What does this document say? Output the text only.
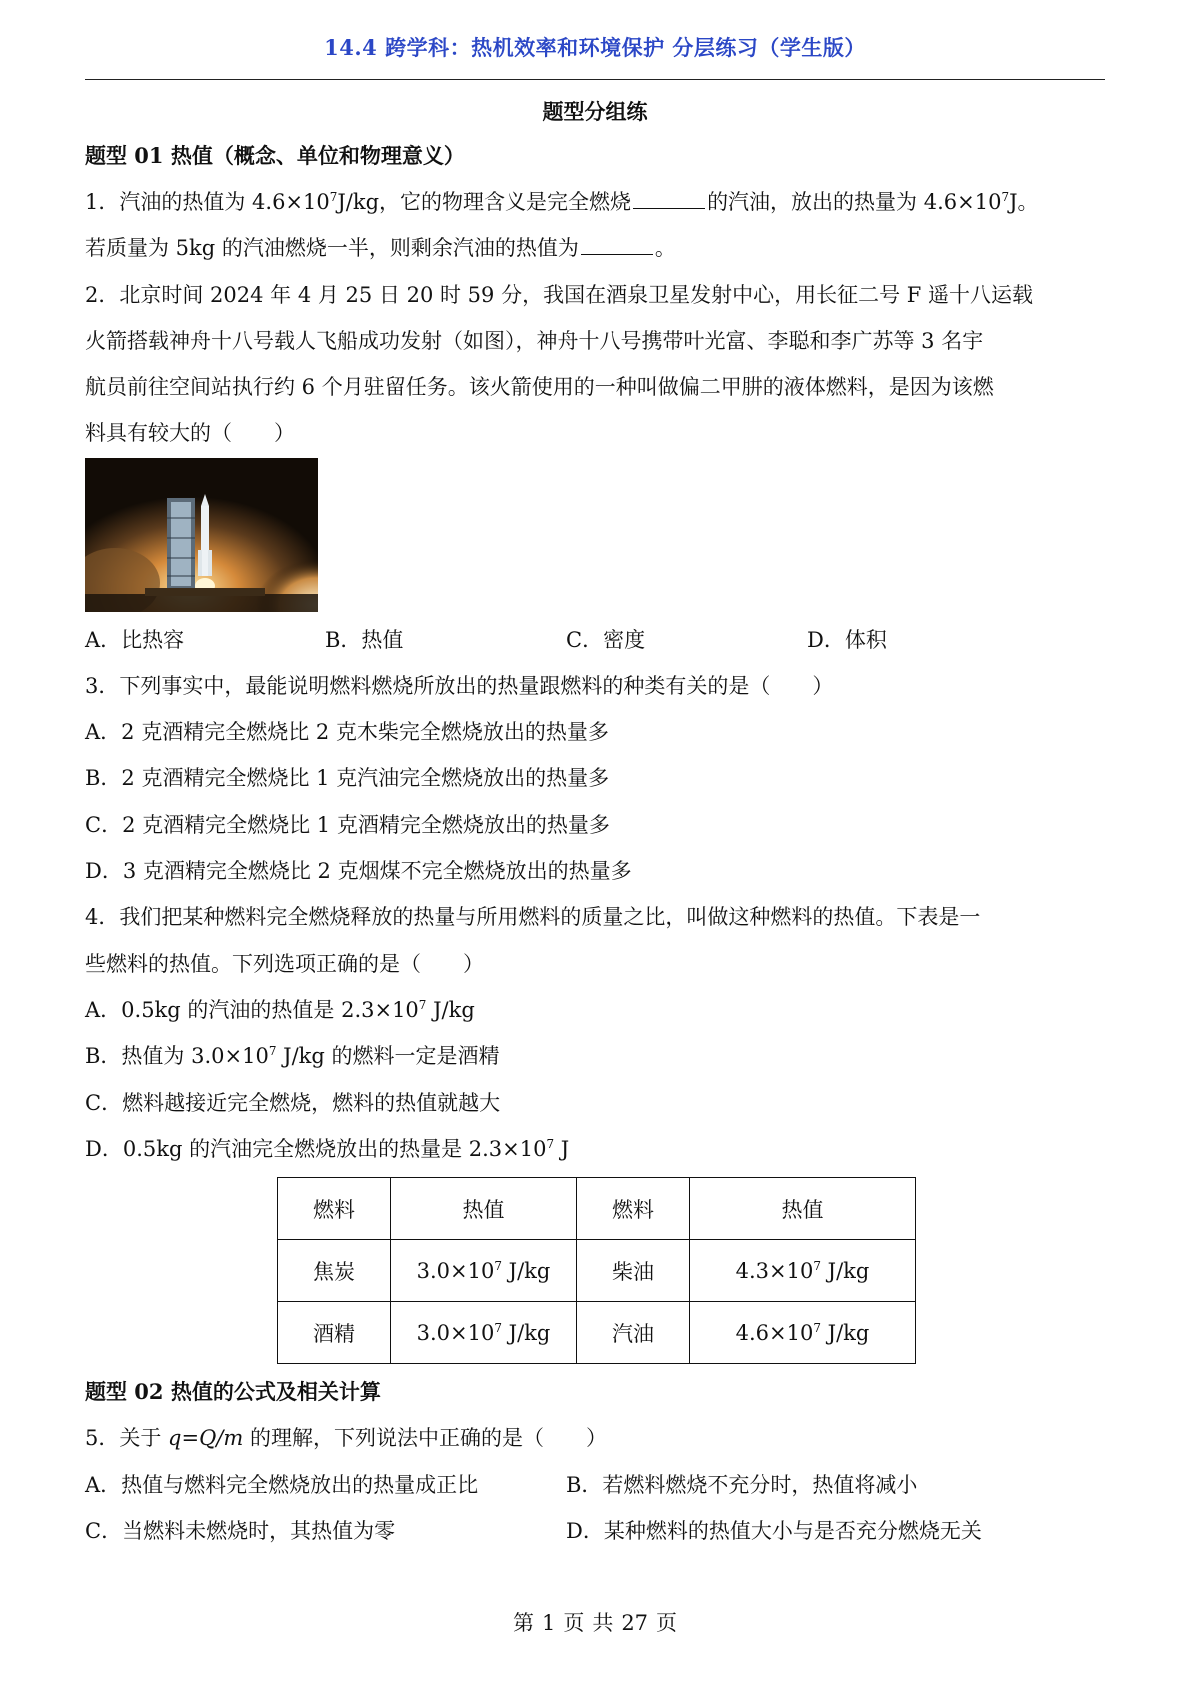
14.4 跨学科：热机效率和环境保护 分层练习（学生版）
题型分组练
题型 01 热值（概念、单位和物理意义）
1．汽油的热值为 $4.6\times 10^7J/kg$，它的物理含义是完全燃烧	的汽油，放出的热量为 $4.6\times 10^7J$。
若质量为 5kg 的汽油燃烧一半，则剩余汽油的热值为	。
2．北京时间 2024 年 4 月 25 日 20 时 59 分，我国在酒泉卫星发射中心，用长征二号 F 遥十八运载
火箭搭载神舟十八号载人飞船成功发射（如图），神舟十八号携带叶光富、李聪和李广苏等 3 名宇
航员前往空间站执行约 6 个月驻留任务。该火箭使用的一种叫做偏二甲肼的液体燃料，是因为该燃
料具有较大的（　　）
A．比热容	B．热值	C．密度	D．体积
3．下列事实中，最能说明燃料燃烧所放出的热量跟燃料的种类有关的是（　　）
A．2 克酒精完全燃烧比 2 克木柴完全燃烧放出的热量多
B．2 克酒精完全燃烧比 1 克汽油完全燃烧放出的热量多
C．2 克酒精完全燃烧比 1 克酒精完全燃烧放出的热量多
D．3 克酒精完全燃烧比 2 克烟煤不完全燃烧放出的热量多
4．我们把某种燃料完全燃烧释放的热量与所用燃料的质量之比，叫做这种燃料的热值。下表是一
些燃料的热值。下列选项正确的是（　　）
A．0.5kg 的汽油的热值是 $2.3\times 10^7$ J/kg
B．热值为 $3.0\times 10^7$ J/kg 的燃料一定是酒精
C．燃料越接近完全燃烧，燃料的热值就越大
D．0.5kg 的汽油完全燃烧放出的热量是 $2.3\times 10^7$ J
燃料	热值	燃料	热值
焦炭	$3.0\times 10^7$ J/kg	柴油	$4.3\times 10^7$ J/kg
酒精	$3.0\times 10^7$ J/kg	汽油	$4.6\times 10^7$ J/kg
题型 02 热值的公式及相关计算
5．关于 q=Q/m 的理解，下列说法中正确的是（　　）
A．热值与燃料完全燃烧放出的热量成正比	B．若燃料燃烧不充分时，热值将减小
C．当燃料未燃烧时，其热值为零	D．某种燃料的热值大小与是否充分燃烧无关
第 1 页 共 27 页
